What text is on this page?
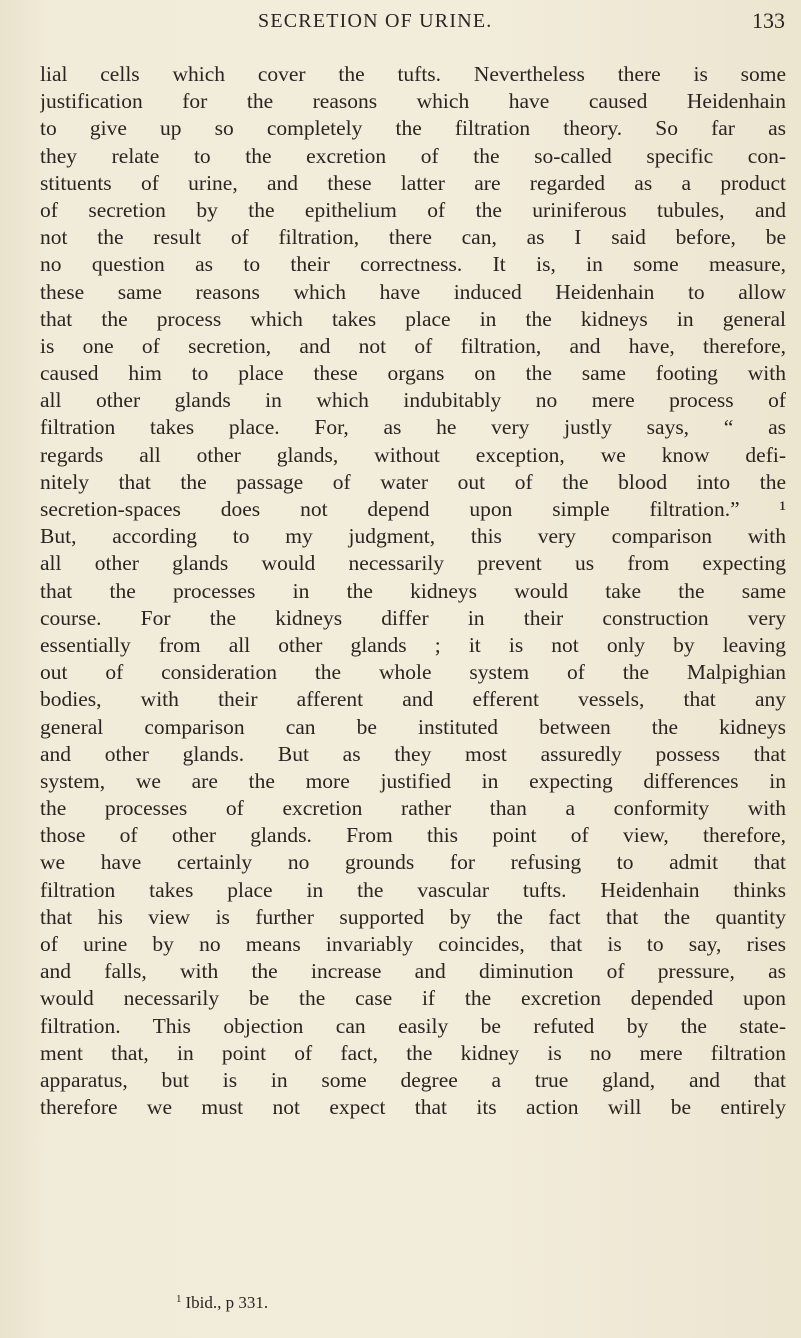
SECRETION OF URINE.	133
lial cells which cover the tufts. Nevertheless there is some
justification for the reasons which have caused Heidenhain
to give up so completely the filtration theory. So far as
they relate to the excretion of the so-called specific con-
stituents of urine, and these latter are regarded as a product
of secretion by the epithelium of the uriniferous tubules, and
not the result of filtration, there can, as I said before, be
no question as to their correctness. It is, in some measure,
these same reasons which have induced Heidenhain to allow
that the process which takes place in the kidneys in general
is one of secretion, and not of filtration, and have, therefore,
caused him to place these organs on the same footing with
all other glands in which indubitably no mere process of
filtration takes place. For, as he very justly says, “ as
regards all other glands, without exception, we know defi-
nitely that the passage of water out of the blood into the
secretion-spaces does not depend upon simple filtration.” ¹
But, according to my judgment, this very comparison with
all other glands would necessarily prevent us from expecting
that the processes in the kidneys would take the same
course. For the kidneys differ in their construction very
essentially from all other glands ; it is not only by leaving
out of consideration the whole system of the Malpighian
bodies, with their afferent and efferent vessels, that any
general comparison can be instituted between the kidneys
and other glands. But as they most assuredly possess that
system, we are the more justified in expecting differences in
the processes of excretion rather than a conformity with
those of other glands. From this point of view, therefore,
we have certainly no grounds for refusing to admit that
filtration takes place in the vascular tufts. Heidenhain thinks
that his view is further supported by the fact that the quantity
of urine by no means invariably coincides, that is to say, rises
and falls, with the increase and diminution of pressure, as
would necessarily be the case if the excretion depended upon
filtration. This objection can easily be refuted by the state-
ment that, in point of fact, the kidney is no mere filtration
apparatus, but is in some degree a true gland, and that
therefore we must not expect that its action will be entirely
$^1$ Ibid., p 331.
